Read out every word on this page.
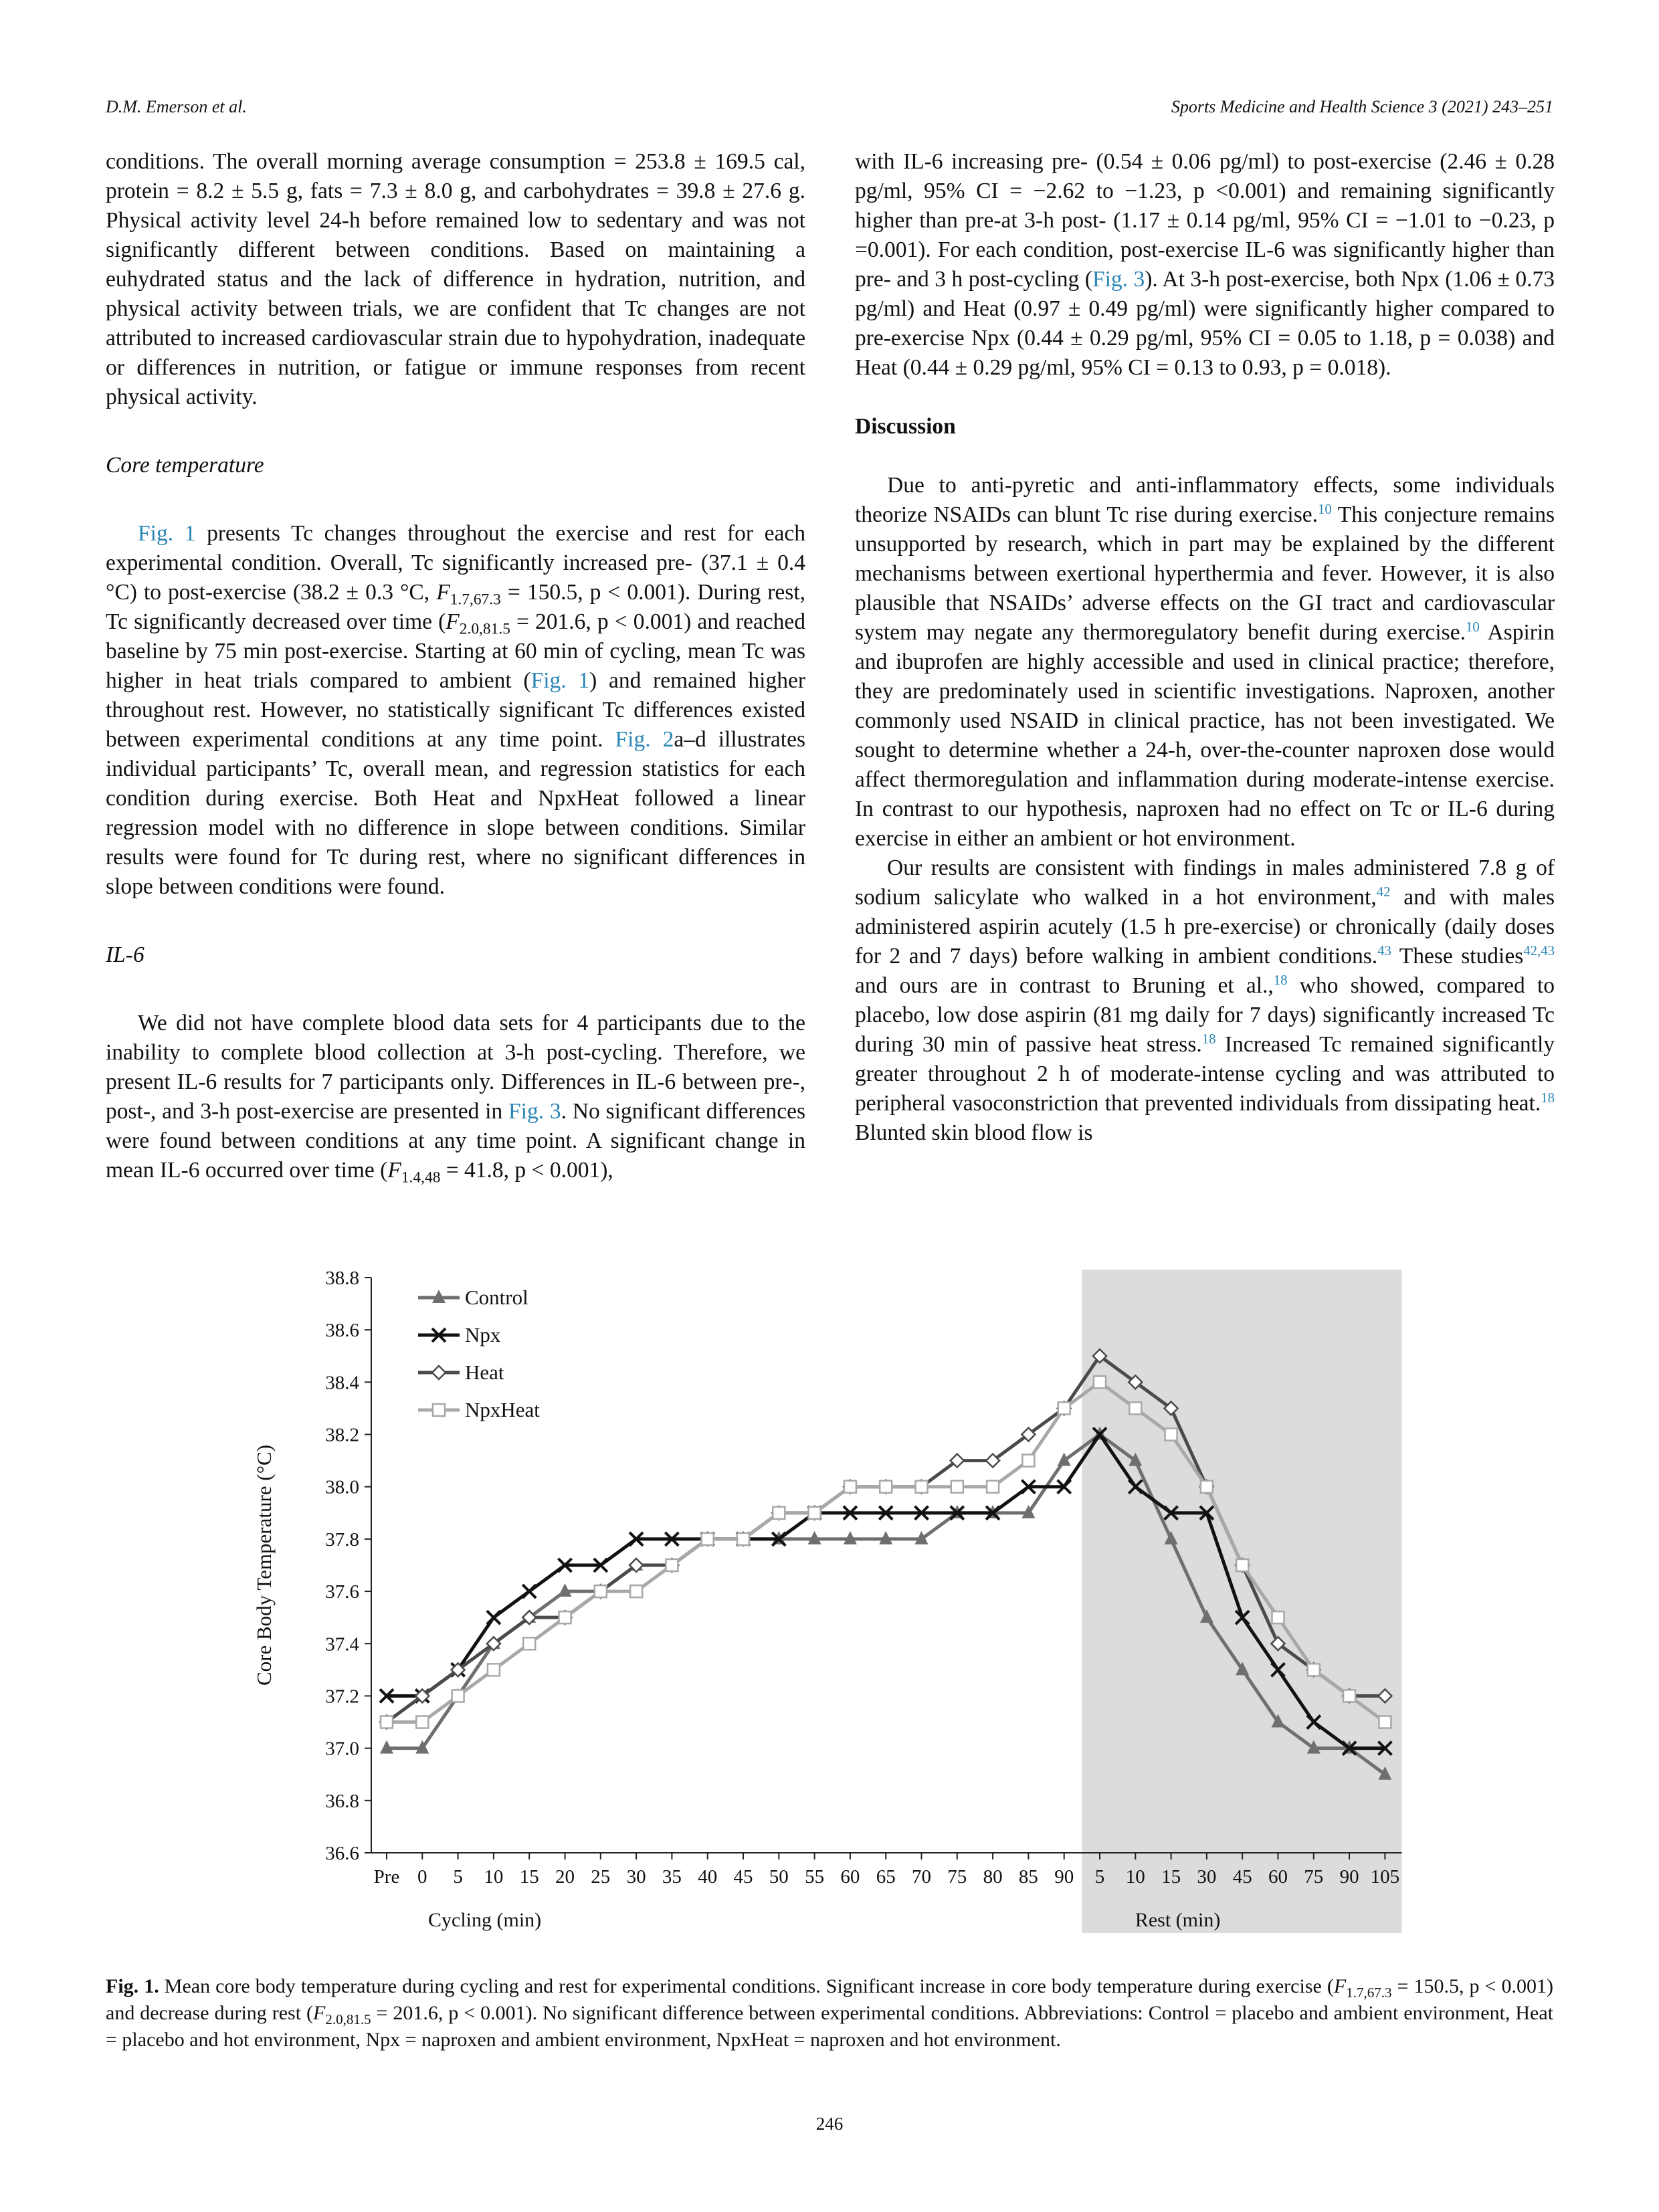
D.M. Emerson et al.	Sports Medicine and Health Science 3 (2021) 243–251

conditions. The overall morning average consumption = 253.8 ± 169.5 cal, protein = 8.2 ± 5.5 g, fats = 7.3 ± 8.0 g, and carbohydrates = 39.8 ± 27.6 g. Physical activity level 24-h before remained low to sedentary and was not significantly different between conditions. Based on maintaining a euhydrated status and the lack of difference in hydration, nutrition, and physical activity between trials, we are confident that Tc changes are not attributed to increased cardiovascular strain due to hypohydration, inadequate or differences in nutrition, or fatigue or immune responses from recent physical activity.

Core temperature

Fig. 1 presents Tc changes throughout the exercise and rest for each experimental condition. Overall, Tc significantly increased pre- (37.1 ± 0.4 °C) to post-exercise (38.2 ± 0.3 °C, $F_{1.7,67.3} = 150.5$, p < 0.001). During rest, Tc significantly decreased over time ($F_{2.0,81.5} = 201.6$, p < 0.001) and reached baseline by 75 min post-exercise. Starting at 60 min of cycling, mean Tc was higher in heat trials compared to ambient (Fig. 1) and remained higher throughout rest. However, no statistically significant Tc differences existed between experimental conditions at any time point. Fig. 2a–d illustrates individual participants’ Tc, overall mean, and regression statistics for each condition during exercise. Both Heat and NpxHeat followed a linear regression model with no difference in slope between conditions. Similar results were found for Tc during rest, where no significant differences in slope between conditions were found.

IL-6

We did not have complete blood data sets for 4 participants due to the inability to complete blood collection at 3-h post-cycling. Therefore, we present IL-6 results for 7 participants only. Differences in IL-6 between pre-, post-, and 3-h post-exercise are presented in Fig. 3. No significant differences were found between conditions at any time point. A significant change in mean IL-6 occurred over time ($F_{1.4,48} = 41.8$, p < 0.001),

with IL-6 increasing pre- (0.54 ± 0.06 pg/ml) to post-exercise (2.46 ± 0.28 pg/ml, 95% CI = −2.62 to −1.23, p <0.001) and remaining significantly higher than pre-at 3-h post- (1.17 ± 0.14 pg/ml, 95% CI = −1.01 to −0.23, p =0.001). For each condition, post-exercise IL-6 was significantly higher than pre- and 3 h post-cycling (Fig. 3). At 3-h post-exercise, both Npx (1.06 ± 0.73 pg/ml) and Heat (0.97 ± 0.49 pg/ml) were significantly higher compared to pre-exercise Npx (0.44 ± 0.29 pg/ml, 95% CI = 0.05 to 1.18, p = 0.038) and Heat (0.44 ± 0.29 pg/ml, 95% CI = 0.13 to 0.93, p = 0.018).

Discussion

Due to anti-pyretic and anti-inflammatory effects, some individuals theorize NSAIDs can blunt Tc rise during exercise.$^{10}$ This conjecture remains unsupported by research, which in part may be explained by the different mechanisms between exertional hyperthermia and fever. However, it is also plausible that NSAIDs’ adverse effects on the GI tract and cardiovascular system may negate any thermoregulatory benefit during exercise.$^{10}$ Aspirin and ibuprofen are highly accessible and used in clinical practice; therefore, they are predominately used in scientific investigations. Naproxen, another commonly used NSAID in clinical practice, has not been investigated. We sought to determine whether a 24-h, over-the-counter naproxen dose would affect thermoregulation and inflammation during moderate-intense exercise. In contrast to our hypothesis, naproxen had no effect on Tc or IL-6 during exercise in either an ambient or hot environment.

Our results are consistent with findings in males administered 7.8 g of sodium salicylate who walked in a hot environment,$^{42}$ and with males administered aspirin acutely (1.5 h pre-exercise) or chronically (daily doses for 2 and 7 days) before walking in ambient conditions.$^{43}$ These studies$^{42,43}$ and ours are in contrast to Bruning et al.,$^{18}$ who showed, compared to placebo, low dose aspirin (81 mg daily for 7 days) significantly increased Tc during 30 min of passive heat stress.$^{18}$ Increased Tc remained significantly greater throughout 2 h of moderate-intense cycling and was attributed to peripheral vasoconstriction that prevented individuals from dissipating heat.$^{18}$ Blunted skin blood flow is

36.6
36.8
37.0
37.2
37.4
37.6
37.8
38.0
38.2
38.4
38.6
38.8
Pre 0 5 10 15 20 25 30 35 40 45 50 55 60 65 70 75 80 85 90 5 10 15 30 45 60 75 90 105
Core Body Temperature (°C)
Cycling (min)	Rest (min)
Control
Npx
Heat
NpxHeat
Fig. 1. Mean core body temperature during cycling and rest for experimental conditions. Significant increase in core body temperature during exercise ($F_{1.7,67.3} = 150.5$, p < 0.001) and decrease during rest ($F_{2.0,81.5} = 201.6$, p < 0.001). No significant difference between experimental conditions. Abbreviations: Control = placebo and ambient environment, Heat = placebo and hot environment, Npx = naproxen and ambient environment, NpxHeat = naproxen and hot environment.
246
